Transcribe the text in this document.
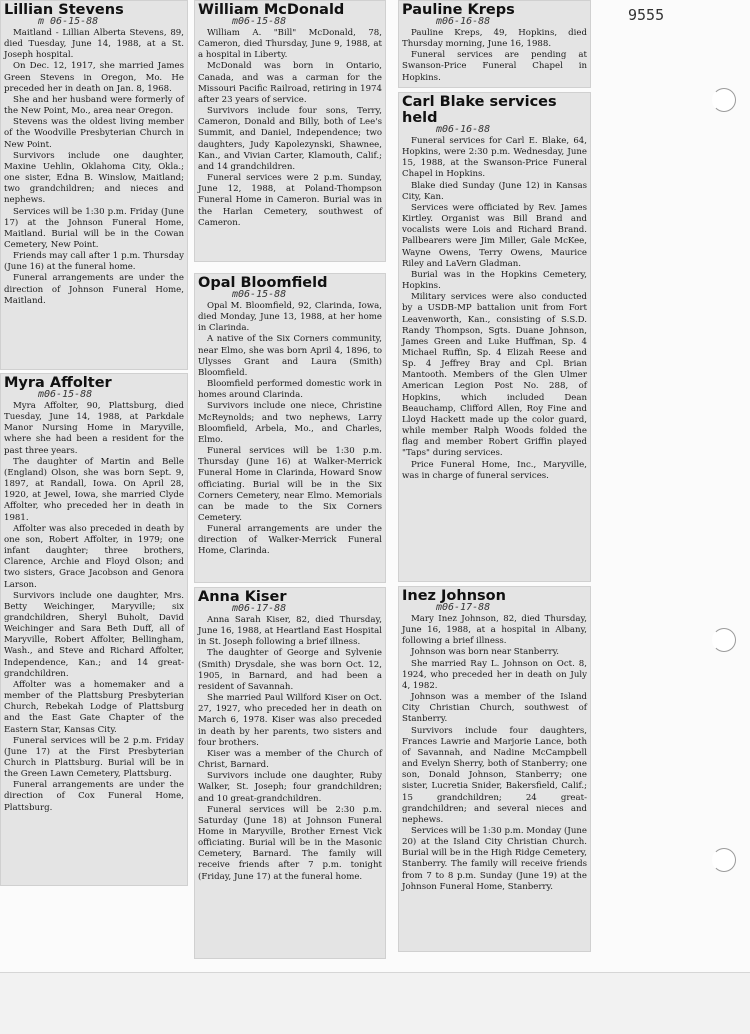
9555
Lillian Stevens
m 06-15-88

Maitland - Lillian Alberta Stevens, 89, died Tuesday, June 14, 1988, at a St. Joseph hospital.

On Dec. 12, 1917, she married James Green Stevens in Oregon, Mo. He preceded her in death on Jan. 8, 1968.

She and her husband were formerly of the New Point, Mo., area near Oregon.

Stevens was the oldest living member of the Woodville Presbyterian Church in New Point.

Survivors include one daughter, Maxine Uehlin, Oklahoma City, Okla.; one sister, Edna B. Winslow, Maitland; two grandchildren; and nieces and nephews.

Services will be 1:30 p.m. Friday (June 17) at the Johnson Funeral Home, Maitland. Burial will be in the Cowan Cemetery, New Point.

Friends may call after 1 p.m. Thursday (June 16) at the funeral home.

Funeral arrangements are under the direction of Johnson Funeral Home, Maitland.

Myra Affolter
m06-15-88

Myra Affolter, 90, Plattsburg, died Tuesday, June 14, 1988, at Parkdale Manor Nursing Home in Maryville, where she had been a resident for the past three years.

The daughter of Martin and Belle (England) Olson, she was born Sept. 9, 1897, at Randall, Iowa. On April 28, 1920, at Jewel, Iowa, she married Clyde Affolter, who preceded her in death in 1981.

Affolter was also preceded in death by one son, Robert Affolter, in 1979; one infant daughter; three brothers, Clarence, Archie and Floyd Olson; and two sisters, Grace Jacobson and Genora Larson.

Survivors include one daughter, Mrs. Betty Weichinger, Maryville; six grandchildren, Sheryl Buholt, David Weichinger and Sara Beth Duff, all of Maryville, Robert Affolter, Bellingham, Wash., and Steve and Richard Affolter, Independence, Kan.; and 14 great-grandchildren.

Affolter was a homemaker and a member of the Plattsburg Presbyterian Church, Rebekah Lodge of Plattsburg and the East Gate Chapter of the Eastern Star, Kansas City.

Funeral services will be 2 p.m. Friday (June 17) at the First Presbyterian Church in Plattsburg. Burial will be in the Green Lawn Cemetery, Plattsburg.

Funeral arrangements are under the direction of Cox Funeral Home, Plattsburg.

William McDonald
m06-15-88

William A. "Bill" McDonald, 78, Cameron, died Thursday, June 9, 1988, at a hospital in Liberty.

McDonald was born in Ontario, Canada, and was a carman for the Missouri Pacific Railroad, retiring in 1974 after 23 years of service.

Survivors include four sons, Terry, Cameron, Donald and Billy, both of Lee's Summit, and Daniel, Independence; two daughters, Judy Kapolezynski, Shawnee, Kan., and Vivian Carter, Klamouth, Calif.; and 14 grandchildren.

Funeral services were 2 p.m. Sunday, June 12, 1988, at Poland-Thompson Funeral Home in Cameron. Burial was in the Harlan Cemetery, southwest of Cameron.

Opal Bloomfield
m06-15-88

Opal M. Bloomfield, 92, Clarinda, Iowa, died Monday, June 13, 1988, at her home in Clarinda.

A native of the Six Corners community, near Elmo, she was born April 4, 1896, to Ulysses Grant and Laura (Smith) Bloomfield.

Bloomfield performed domestic work in homes around Clarinda.

Survivors include one niece, Christine McReynolds; and two nephews, Larry Bloomfield, Arbela, Mo., and Charles, Elmo.

Funeral services will be 1:30 p.m. Thursday (June 16) at Walker-Merrick Funeral Home in Clarinda, Howard Snow officiating. Burial will be in the Six Corners Cemetery, near Elmo. Memorials can be made to the Six Corners Cemetery.

Funeral arrangements are under the direction of Walker-Merrick Funeral Home, Clarinda.

Anna Kiser
m06-17-88

Anna Sarah Kiser, 82, died Thursday, June 16, 1988, at Heartland East Hospital in St. Joseph following a brief illness.

The daughter of George and Sylvenie (Smith) Drysdale, she was born Oct. 12, 1905, in Barnard, and had been a resident of Savannah.

She married Paul Willford Kiser on Oct. 27, 1927, who preceded her in death on March 6, 1978. Kiser was also preceded in death by her parents, two sisters and four brothers.

Kiser was a member of the Church of Christ, Barnard.

Survivors include one daughter, Ruby Walker, St. Joseph; four grandchildren; and 10 great-grandchildren.

Funeral services will be 2:30 p.m. Saturday (June 18) at Johnson Funeral Home in Maryville, Brother Ernest Vick officiating. Burial will be in the Masonic Cemetery, Barnard. The family will receive friends after 7 p.m. tonight (Friday, June 17) at the funeral home.

Pauline Kreps
m06-16-88

Pauline Kreps, 49, Hopkins, died Thursday morning, June 16, 1988.

Funeral services are pending at Swanson-Price Funeral Chapel in Hopkins.

Carl Blake services held
m06-16-88

Funeral services for Carl E. Blake, 64, Hopkins, were 2:30 p.m. Wednesday, June 15, 1988, at the Swanson-Price Funeral Chapel in Hopkins.

Blake died Sunday (June 12) in Kansas City, Kan.

Services were officiated by Rev. James Kirtley. Organist was Bill Brand and vocalists were Lois and Richard Brand. Pallbearers were Jim Miller, Gale McKee, Wayne Owens, Terry Owens, Maurice Riley and LaVern Gladman.

Burial was in the Hopkins Cemetery, Hopkins.

Military services were also conducted by a USDB-MP battalion unit from Fort Leavenworth, Kan., consisting of S.S.D. Randy Thompson, Sgts. Duane Johnson, James Green and Luke Huffman, Sp. 4 Michael Ruffin, Sp. 4 Elizah Reese and Sp. 4 Jeffrey Bray and Cpl. Brian Mantooth. Members of the Glen Ulmer American Legion Post No. 288, of Hopkins, which included Dean Beauchamp, Clifford Allen, Roy Fine and Lloyd Hackett made up the color guard, while member Ralph Woods folded the flag and member Robert Griffin played "Taps" during services.

Price Funeral Home, Inc., Maryville, was in charge of funeral services.

Inez Johnson
m06-17-88

Mary Inez Johnson, 82, died Thursday, June 16, 1988, at a hospital in Albany, following a brief illness.

Johnson was born near Stanberry.

She married Ray L. Johnson on Oct. 8, 1924, who preceded her in death on July 4, 1982.

Johnson was a member of the Island City Christian Church, southwest of Stanberry.

Survivors include four daughters, Frances Lawrie and Marjorie Lance, both of Savannah, and Nadine McCampbell and Evelyn Sherry, both of Stanberry; one son, Donald Johnson, Stanberry; one sister, Lucretia Snider, Bakersfield, Calif.; 15 grandchildren; 24 great-grandchildren; and several nieces and nephews.

Services will be 1:30 p.m. Monday (June 20) at the Island City Christian Church. Burial will be in the High Ridge Cemetery, Stanberry. The family will receive friends from 7 to 8 p.m. Sunday (June 19) at the Johnson Funeral Home, Stanberry.
